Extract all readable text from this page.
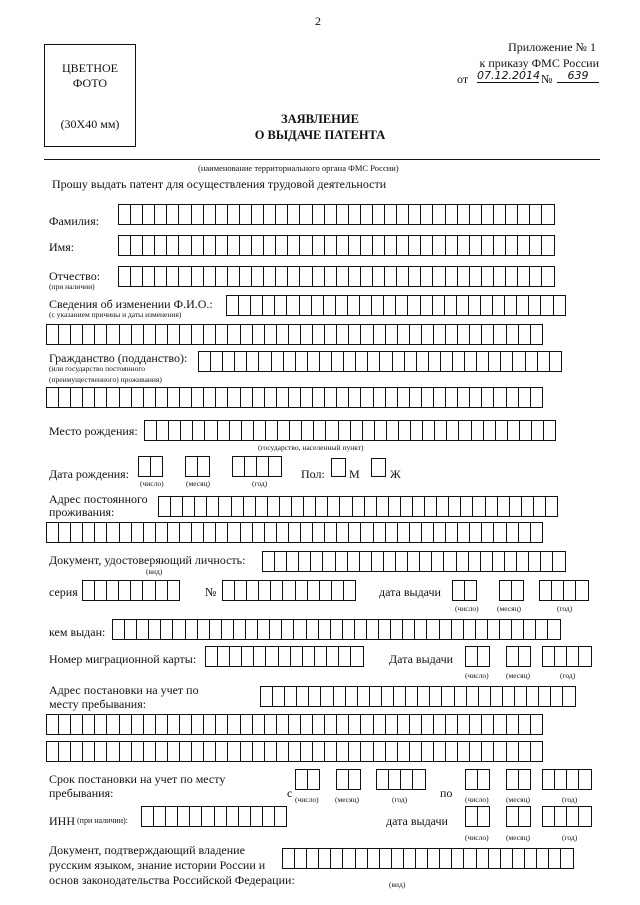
2
Приложение № 1
к приказу ФМС России
от 07.12.2014 №	639
ЦВЕТНОЕ
ФОТО
(30Х40 мм)	ЗАЯВЛЕНИЕ
О ВЫДАЧЕ ПАТЕНТА
(наименование территориального органа ФМС России)
Прошу выдать патент для осуществления трудовой деятельности
Фамилия:
Имя:
Отчество:
(при наличии)
Сведения об изменении Ф.И.О.:
(с указанием причины и даты изменения)
Гражданство (подданство):
(или государство постоянного
(преимущественного) проживания)
Место рождения:
(государство, населенный пункт)
Дата рождения:
(число)	(месяц)	(год)
Пол: М	Ж
Адрес постоянного
проживания:
Документ, удостоверяющий личность:
(вид)
серия	№	дата выдачи
(число) (месяц)	(год)
кем выдан:
Номер миграционной карты:	Дата выдачи
(число) (месяц)	(год)
Адрес постановки на учет по
месту пребывания:
Срок постановки на учет по месту
пребывания:	с	по
(число) (месяц)	(год)	(число) (месяц)	(год)
ИНН (при наличии):	дата выдачи
(число) (месяц)	(год)
Документ, подтверждающий владение
русским языком, знание истории России и
основ законодательства Российской Федерации:	(вид)
